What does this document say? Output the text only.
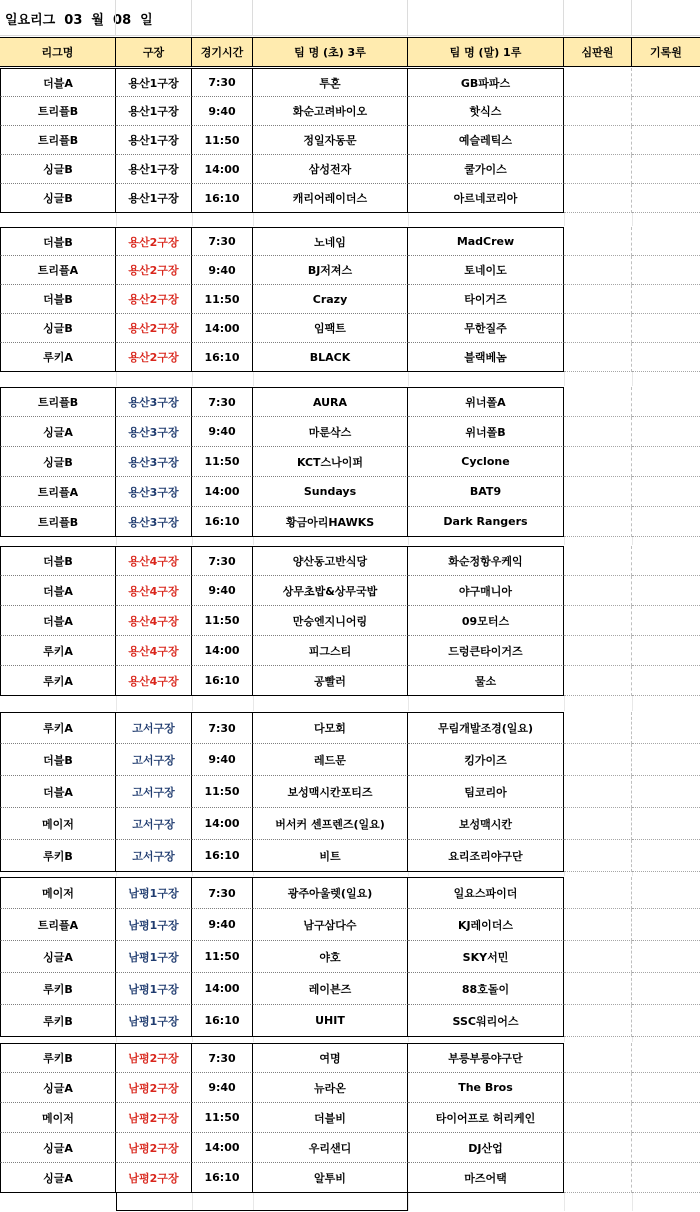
일요리그  03  월  08  일
리그명	구장	경기시간	팀 명 (초) 3루	팀 명 (말) 1루	심판원	기록원
더블A	용산1구장	7:30	투혼	GB파파스
트리플B	용산1구장	9:40	화순고려바이오	핫식스
트리플B	용산1구장	11:50	정일자동문	예슬레틱스
싱글B	용산1구장	14:00	삼성전자	쿨가이스
싱글B	용산1구장	16:10	캐리어레이더스	아르네코리아
더블B	용산2구장	7:30	노네임	MadCrew
트리플A	용산2구장	9:40	BJ저져스	토네이도
더블B	용산2구장	11:50	Crazy	타이거즈
싱글B	용산2구장	14:00	임팩트	무한질주
루키A	용산2구장	16:10	BLACK	블랙베놈
트리플B	용산3구장	7:30	AURA	위너폴A
싱글A	용산3구장	9:40	마룬삭스	위너폴B
싱글B	용산3구장	11:50	KCT스나이퍼	Cyclone
트리플A	용산3구장	14:00	Sundays	BAT9
트리플B	용산3구장	16:10	황금아리HAWKS	Dark Rangers
더블B	용산4구장	7:30	양산동고반식당	화순정항우케익
더블A	용산4구장	9:40	상무초밥&상무국밥	야구매니아
더블A	용산4구장	11:50	만승엔지니어링	09모터스
루키A	용산4구장	14:00	피그스티	드렁큰타이거즈
루키A	용산4구장	16:10	공빨러	물소
루키A	고서구장	7:30	다모회	무림개발조경(일요)
더블B	고서구장	9:40	레드문	킹가이즈
더블A	고서구장	11:50	보성맥시칸포티즈	팀코리아
메이저	고서구장	14:00	버서커 센프렌즈(일요)	보성맥시칸
루키B	고서구장	16:10	비트	요리조리야구단
메이저	남평1구장	7:30	광주아울렛(일요)	일요스파이더
트리플A	남평1구장	9:40	남구삼다수	KJ레이더스
싱글A	남평1구장	11:50	야호	SKY서민
루키B	남평1구장	14:00	레이븐즈	88호돌이
루키B	남평1구장	16:10	UHIT	SSC워리어스
루키B	남평2구장	7:30	여명	부릉부릉야구단
싱글A	남평2구장	9:40	뉴라온	The Bros
메이저	남평2구장	11:50	더블비	타이어프로 허리케인
싱글A	남평2구장	14:00	우리샌디	DJ산업
싱글A	남평2구장	16:10	알투비	마즈어택
